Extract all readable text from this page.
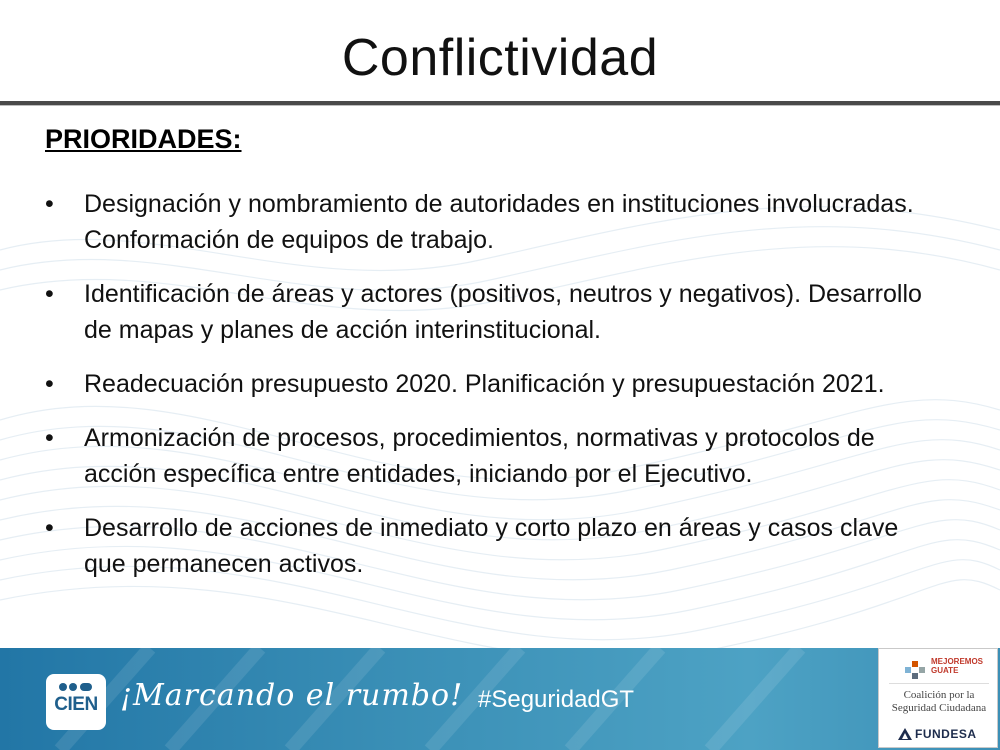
Conflictividad
PRIORIDADES:
• Designación y nombramiento de autoridades en instituciones involucradas. Conformación de equipos de trabajo.
• Identificación de áreas y actores (positivos, neutros y negativos). Desarrollo de mapas y planes de acción interinstitucional.
• Readecuación presupuesto 2020. Planificación y presupuestación 2021.
• Armonización de procesos, procedimientos, normativas y protocolos de acción específica entre entidades, iniciando por el Ejecutivo.
• Desarrollo de acciones de inmediato y corto plazo en áreas y casos clave que permanecen activos.
CIEN ¡Marcando el rumbo! #SeguridadGT
MEJOREMOS
GUATE
Coalición por la
Seguridad Ciudadana
FUNDESA
